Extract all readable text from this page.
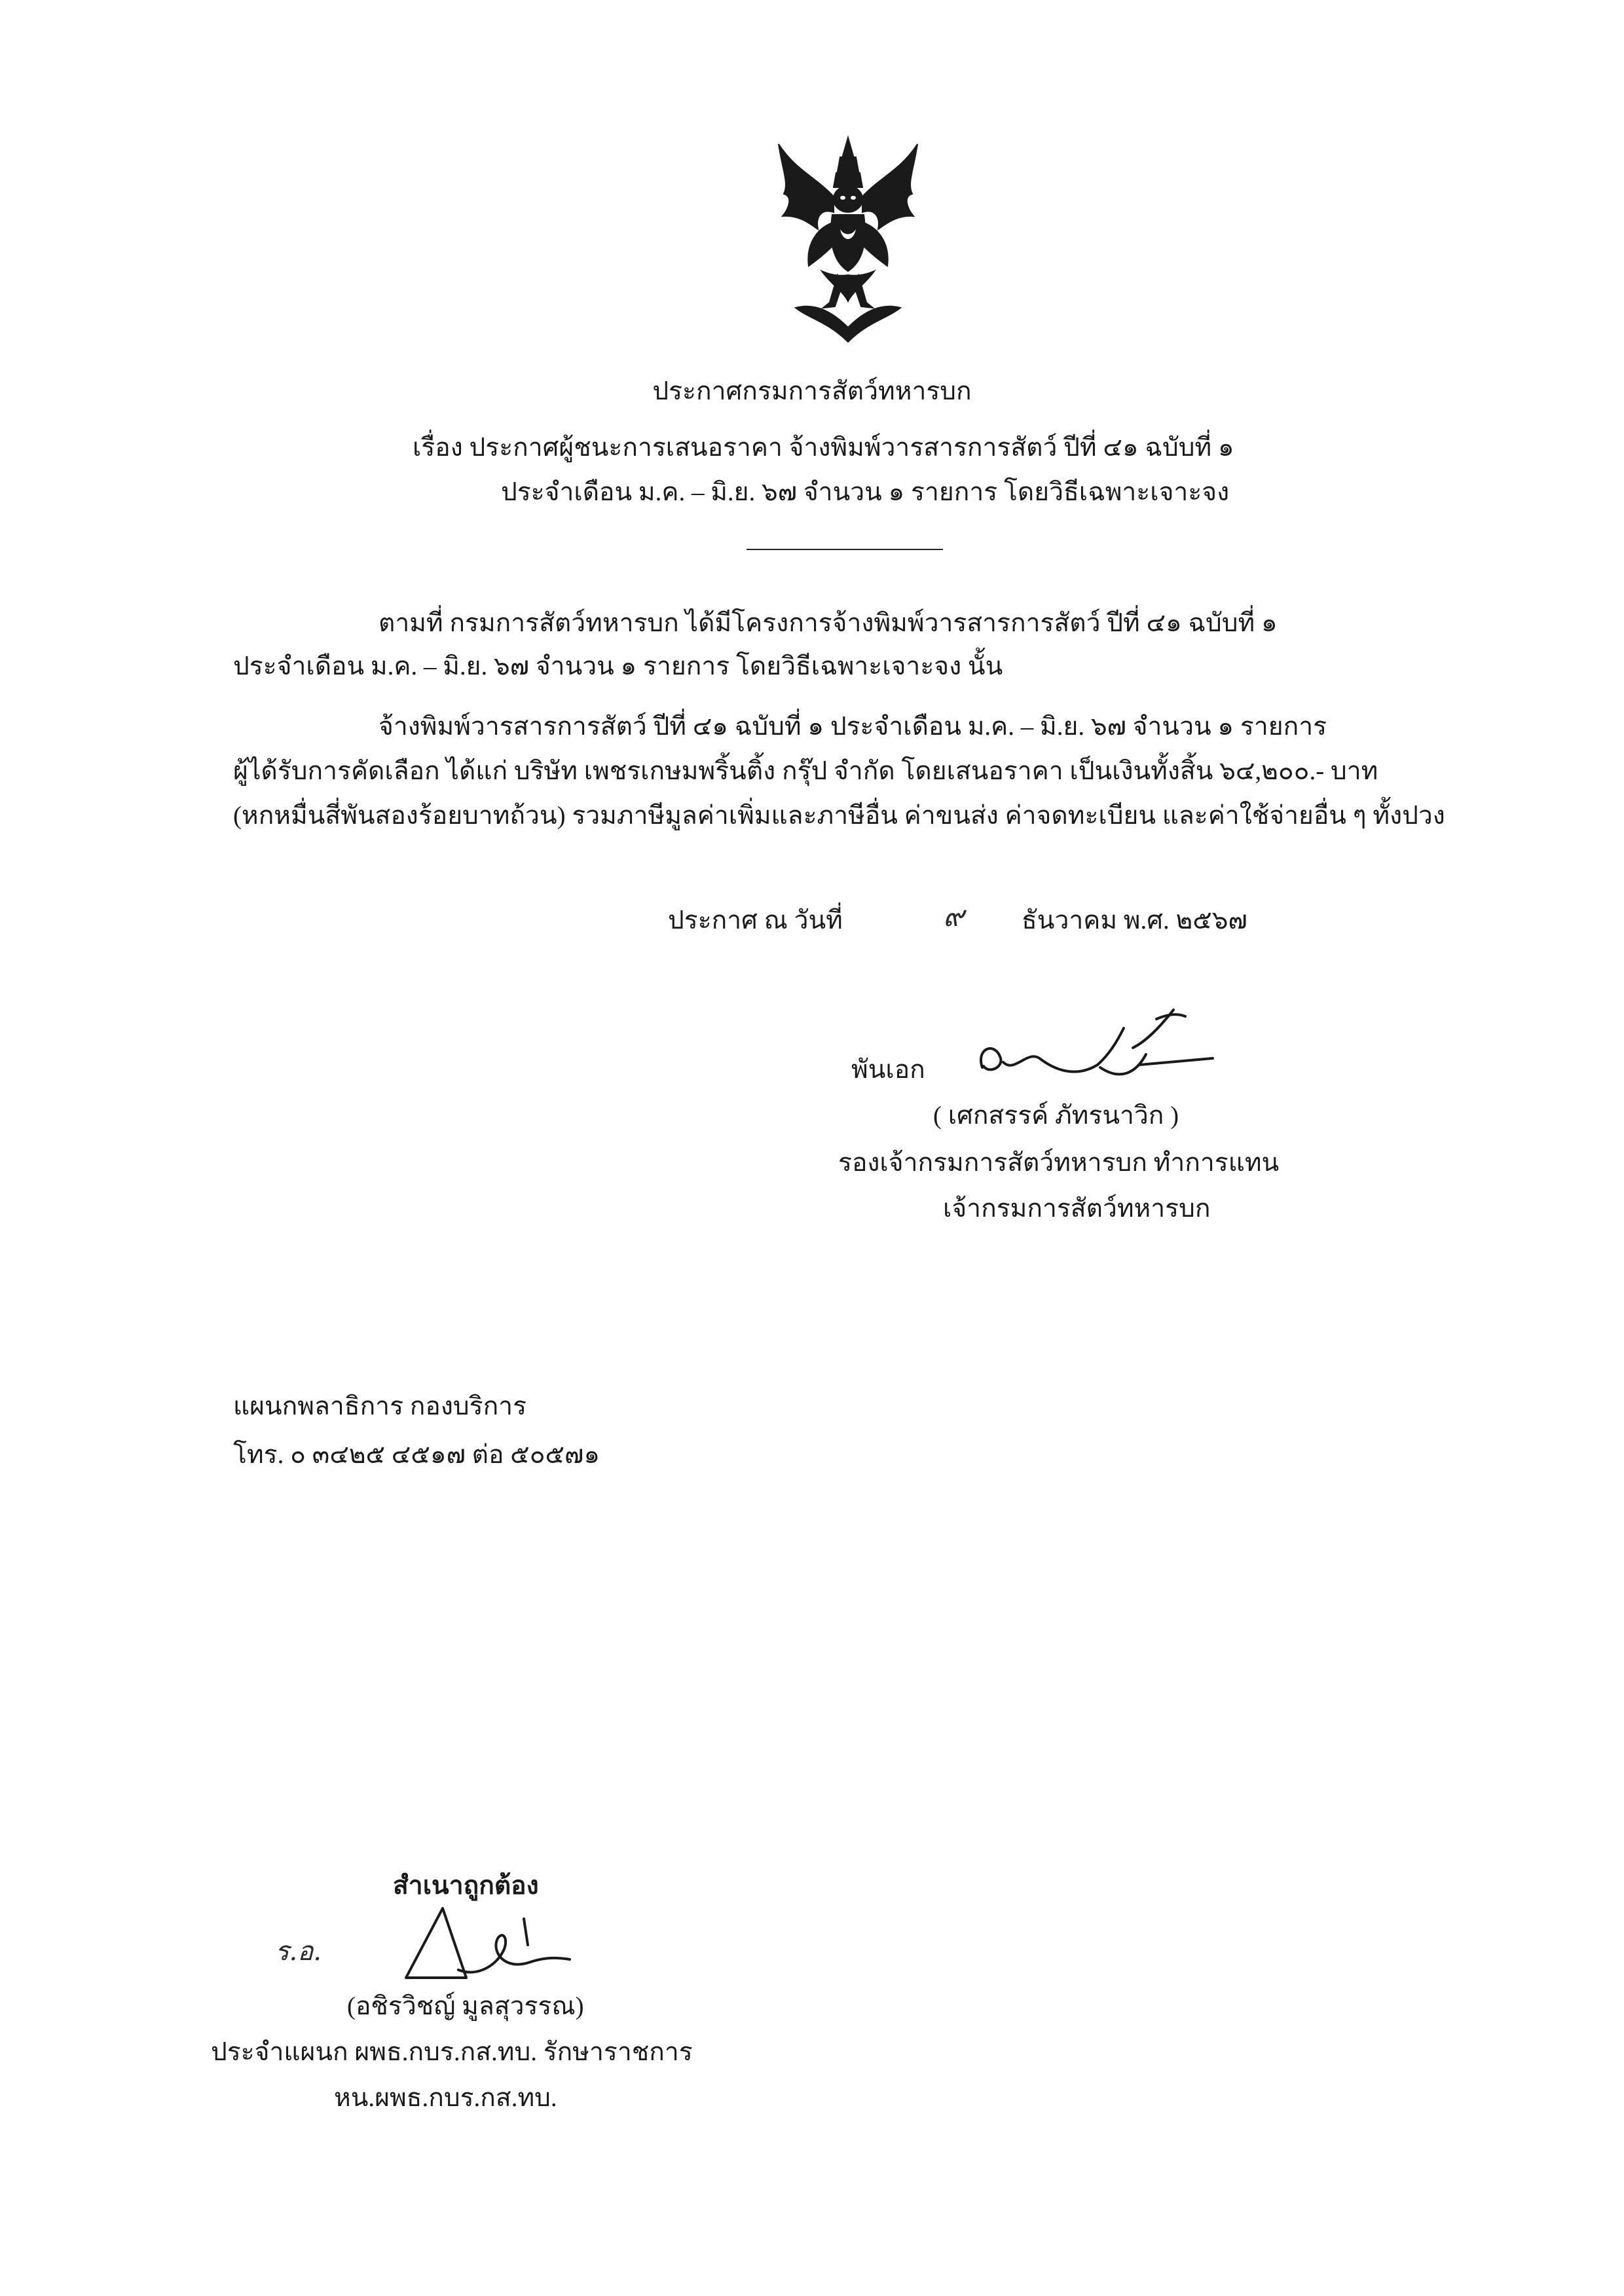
ประกาศกรมการสัตว์ทหารบก
เรื่อง ประกาศผู้ชนะการเสนอราคา จ้างพิมพ์วารสารการสัตว์ ปีที่ ๔๑ ฉบับที่ ๑
ประจำเดือน ม.ค. – มิ.ย. ๖๗ จำนวน ๑ รายการ โดยวิธีเฉพาะเจาะจง
ตามที่ กรมการสัตว์ทหารบก ได้มีโครงการจ้างพิมพ์วารสารการสัตว์ ปีที่ ๔๑ ฉบับที่ ๑
ประจำเดือน ม.ค. – มิ.ย. ๖๗ จำนวน ๑ รายการ โดยวิธีเฉพาะเจาะจง นั้น
จ้างพิมพ์วารสารการสัตว์ ปีที่ ๔๑ ฉบับที่ ๑ ประจำเดือน ม.ค. – มิ.ย. ๖๗ จำนวน ๑ รายการ
ผู้ได้รับการคัดเลือก ได้แก่ บริษัท เพชรเกษมพริ้นติ้ง กรุ๊ป จำกัด โดยเสนอราคา เป็นเงินทั้งสิ้น ๖๔,๒๐๐.- บาท
(หกหมื่นสี่พันสองร้อยบาทถ้วน) รวมภาษีมูลค่าเพิ่มและภาษีอื่น ค่าขนส่ง ค่าจดทะเบียน และค่าใช้จ่ายอื่น ๆ ทั้งปวง
ประกาศ ณ วันที่	๙ ธันวาคม พ.ศ. ๒๕๖๗
พันเอก
( เศกสรรค์ ภัทรนาวิก )
รองเจ้ากรมการสัตว์ทหารบก ทำการแทน
เจ้ากรมการสัตว์ทหารบก
แผนกพลาธิการ กองบริการ
โทร. ๐ ๓๔๒๕ ๔๕๑๗ ต่อ ๕๐๕๗๑
สำเนาถูกต้อง
ร.อ.
(อชิรวิชญ์ มูลสุวรรณ)
ประจำแผนก ผพธ.กบร.กส.ทบ. รักษาราชการ
หน.ผพธ.กบร.กส.ทบ.
